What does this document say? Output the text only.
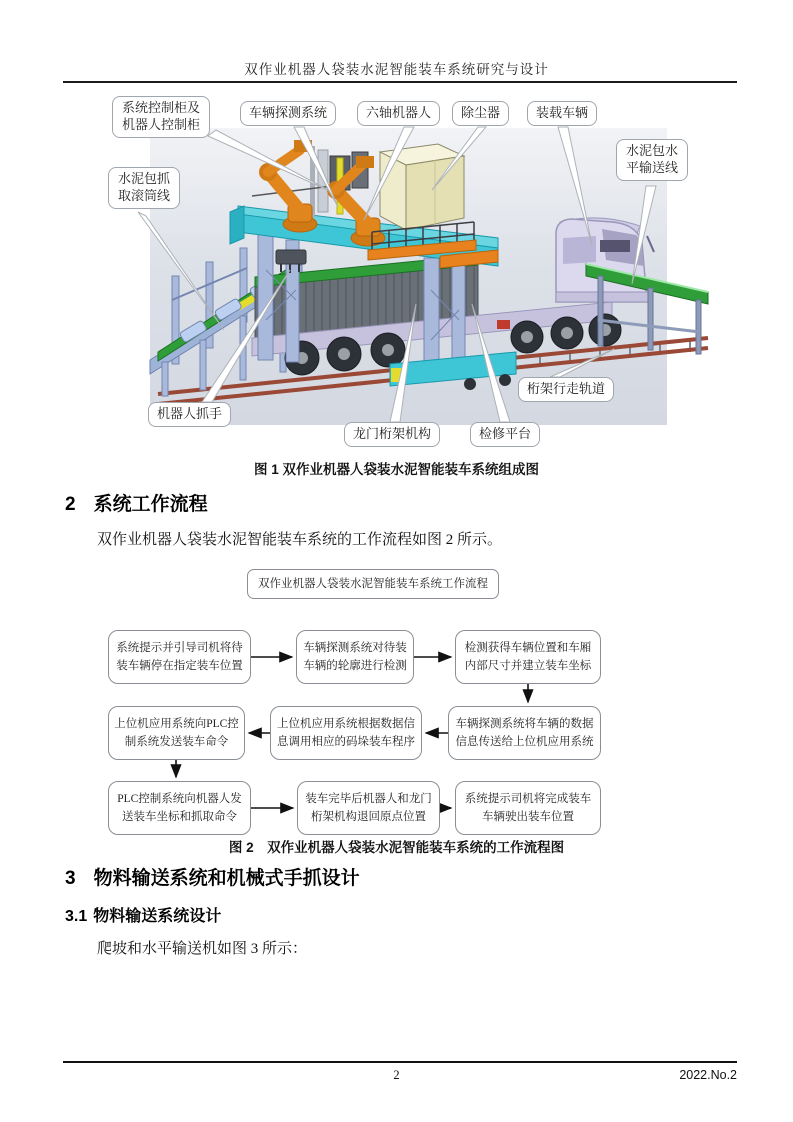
双作业机器人袋装水泥智能装车系统研究与设计
系统控制柜及机器人控制柜
车辆探测系统	六轴机器人	除尘器	装载车辆
水泥包水平输送线
水泥包抓取滚筒线
机器人抓手
龙门桁架机构	检修平台
桁架行走轨道
图 1 双作业机器人袋装水泥智能装车系统组成图
2 系统工作流程
双作业机器人袋装水泥智能装车系统的工作流程如图 2 所示。
双作业机器人袋装水泥智能装车系统工作流程
系统提示并引导司机将待装车辆停在指定装车位置
车辆探测系统对待装车辆的轮廓进行检测
检测获得车辆位置和车厢内部尺寸并建立装车坐标
上位机应用系统向PLC控制系统发送装车命令
上位机应用系统根据数据信息调用相应的码垛装车程序
车辆探测系统将车辆的数据信息传送给上位机应用系统
PLC控制系统向机器人发送装车坐标和抓取命令
装车完毕后机器人和龙门桁架机构退回原点位置
系统提示司机将完成装车车辆驶出装车位置
图 2　双作业机器人袋装水泥智能装车系统的工作流程图
3 物料输送系统和机械式手抓设计
3.1 物料输送系统设计
爬坡和水平输送机如图 3 所示：
2	2022.No.2
